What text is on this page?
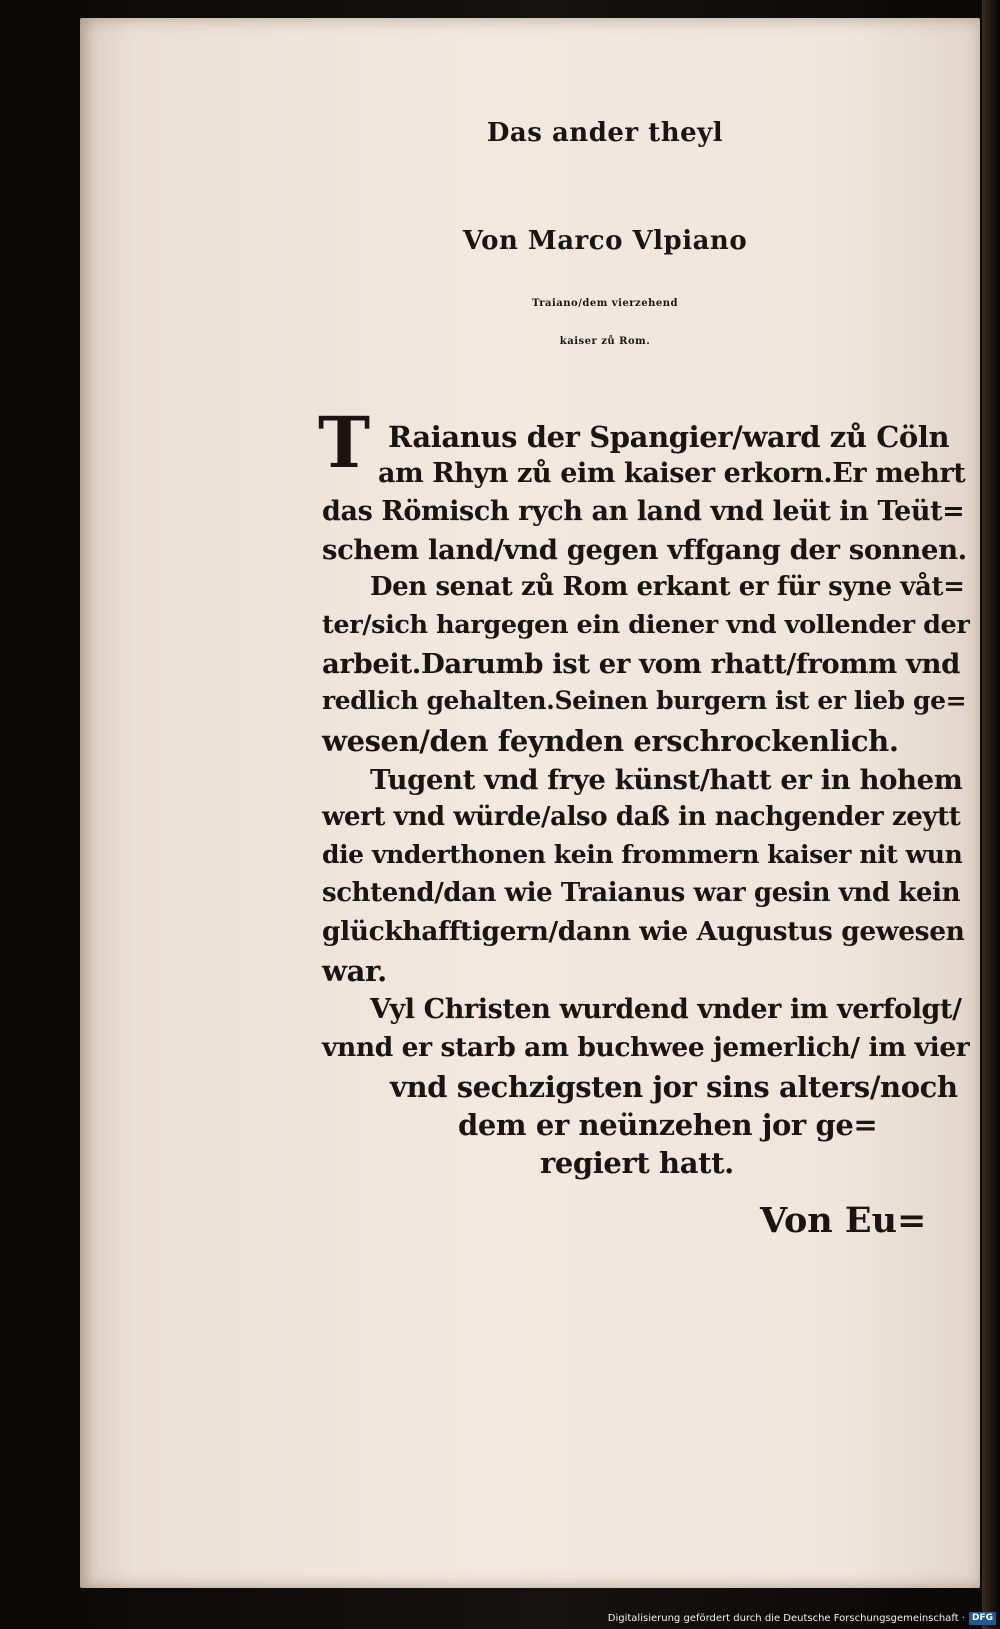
Das ander theyl
Von Marco Vlpiano
Traiano/dem vierzehend
kaiser zů Rom.
T Raianus der Spangier/ward zů Cöln
am Rhyn zů eim kaiser erkorn.Er mehrt
das Römisch rych an land vnd leüt in Teüt=
schem land/vnd gegen vffgang der sonnen.
Den senat zů Rom erkant er für syne våt=
ter/sich hargegen ein diener vnd vollender der
arbeit.Darumb ist er vom rhatt/fromm vnd
redlich gehalten.Seinen burgern ist er lieb ge=
wesen/den feynden erschrockenlich.
Tugent vnd frye künst/hatt er in hohem
wert vnd würde/also daß in nachgender zeytt
die vnderthonen kein frommern kaiser nit wun
schtend/dan wie Traianus war gesin vnd kein
glückhafftigern/dann wie Augustus gewesen
war.
Vyl Christen wurdend vnder im verfolgt/
vnnd er starb am buchwee jemerlich/ im vier
vnd sechzigsten jor sins alters/noch
dem er neünzehen jor ge=
regiert hatt.
Von Eu=
Digitalisierung gefördert durch die Deutsche Forschungsgemeinschaft · DFG
